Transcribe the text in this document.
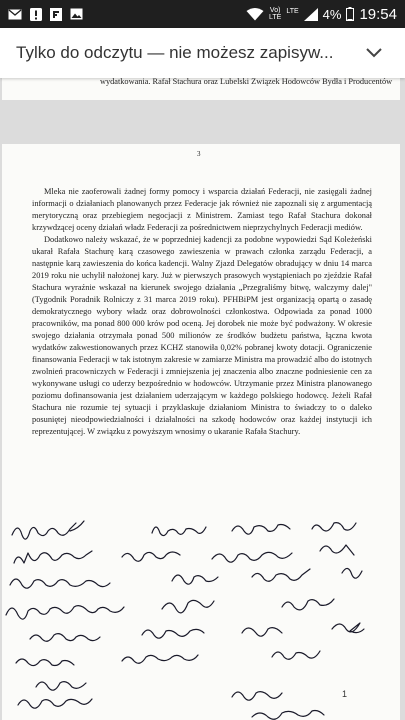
Vo)
LTE
LTE 4% 19:54
Tylko do odczytu — nie możesz zapisyw...
wydatkowania. Rafał Stachura oraz Lubelski Związek Hodowców Bydła i Producentów
3

Mleka nie zaoferowali żadnej formy pomocy i wsparcia działań Federacji, nie zasięgali żadnej informacji o działaniach planowanych przez Federacje jak również nie zapoznali się z argumentacją merytoryczną oraz przebiegiem negocjacji z Ministrem. Zamiast tego Rafał Stachura dokonał krzywdzącej oceny działań władz Federacji za pośrednictwem nieprzychylnych Federacji mediów.

Dodatkowo należy wskazać, że w poprzedniej kadencji za podobne wypowiedzi Sąd Koleżeński ukarał Rafała Stachurę karą czasowego zawieszenia w prawach członka zarządu Federacji, a następnie karą zawieszenia do końca kadencji. Walny Zjazd Delegatów obradujący w dniu 14 marca 2019 roku nie uchylił nałożonej kary. Już w pierwszych prasowych wystąpieniach po zjeździe Rafał Stachura wyraźnie wskazał na kierunek swojego działania „Przegraliśmy bitwę, walczymy dalej" (Tygodnik Poradnik Rolniczy z 31 marca 2019 roku). PFHBiPM jest organizacją opartą o zasadę demokratycznego wybory władz oraz dobrowolności członkostwa. Odpowiada za ponad 1000 pracowników, ma ponad 800 000 krów pod oceną. Jej dorobek nie może być podważony. W okresie swojego działania otrzymała ponad 500 milionów ze środków budżetu państwa, łączna kwota wydatków zakwestionowanych przez KCHZ stanowiła 0,02% pobranej kwoty dotacji. Ograniczenie finansowania Federacji w tak istotnym zakresie w zamiarze Ministra ma prowadzić albo do istotnych zwolnień pracowniczych w Federacji i zmniejszenia jej znaczenia albo znaczne podniesienie cen za wykonywane usługi co uderzy bezpośrednio w hodowców. Utrzymanie przez Ministra planowanego poziomu dofinansowania jest działaniem uderzającym w każdego polskiego hodowcę. Jeżeli Rafał Stachura nie rozumie tej sytuacji i przyklaskuje działaniom Ministra to świadczy to o daleko posuniętej nieodpowiedzialności i działalności na szkodę hodowców oraz każdej instytucji ich reprezentującej. W związku z powyższym wnosimy o ukaranie Rafała Stachury.

1
